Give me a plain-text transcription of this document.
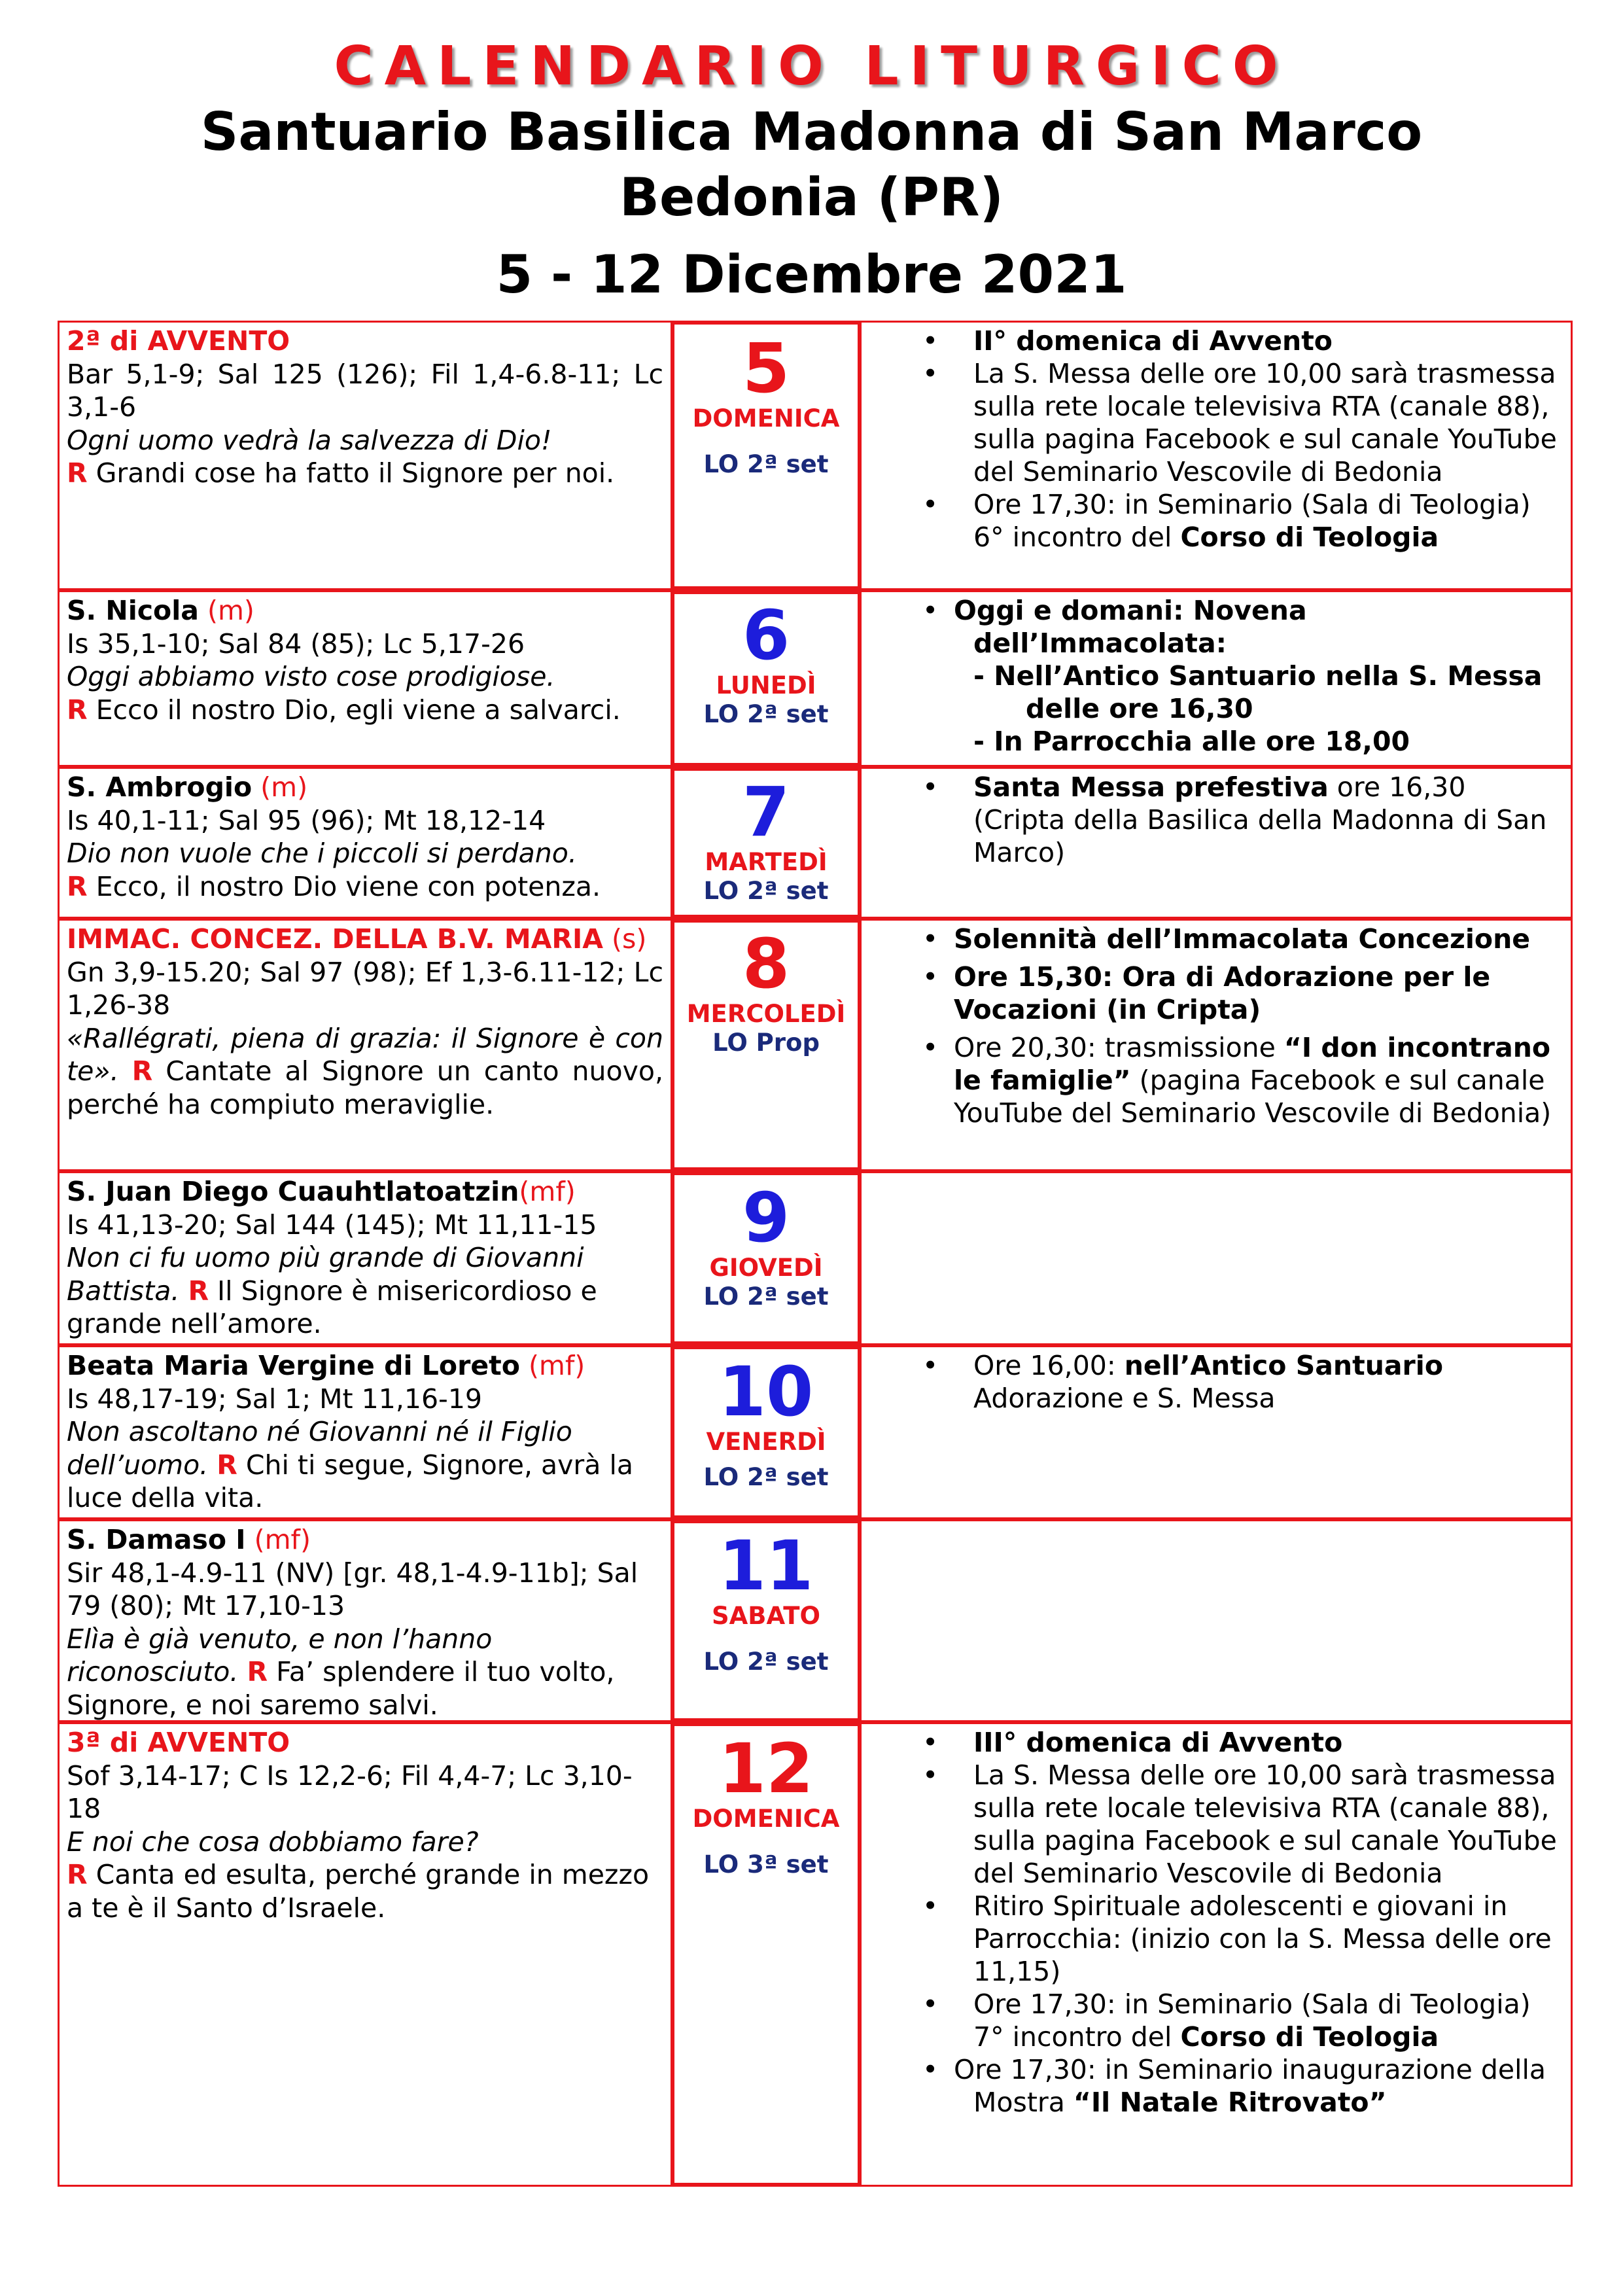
CALENDARIO LITURGICO
Santuario Basilica Madonna di San Marco
Bedonia (PR)
5 - 12 Dicembre 2021

2ª di AVVENTO

Bar 5,1-9; Sal 125 (126); Fil 1,4-6.8-11; Lc 3,1-6

Ogni uomo vedrà la salvezza di Dio!

R Grandi cose ha fatto il Signore per noi.

5
DOMENICA
LO 2ª set
• II° domenica di Avvento
• La S. Messa delle ore 10,00 sarà trasmessa sulla rete locale televisiva RTA (canale 88), sulla pagina Facebook e sul canale YouTube del Seminario Vescovile di Bedonia
• Ore 17,30: in Seminario (Sala di Teologia) 6° incontro del Corso di Teologia

S. Nicola (m)

Is 35,1-10; Sal 84 (85); Lc 5,17-26

Oggi abbiamo visto cose prodigiose.

R Ecco il nostro Dio, egli viene a salvarci.

6
LUNEDÌ
LO 2ª set
• Oggi e domani: Novena
dell’Immacolata:
- Nell’Antico Santuario nella S. Messa
delle ore 16,30
- In Parrocchia alle ore 18,00

S. Ambrogio (m)

Is 40,1-11; Sal 95 (96); Mt 18,12-14

Dio non vuole che i piccoli si perdano.

R Ecco, il nostro Dio viene con potenza.

7
MARTEDÌ
LO 2ª set
• Santa Messa prefestiva ore 16,30 (Cripta della Basilica della Madonna di San Marco)

IMMAC. CONCEZ. DELLA B.V. MARIA (s)

Gn 3,9-15.20; Sal 97 (98); Ef 1,3-6.11-12; Lc 1,26-38

«Rallégrati, piena di grazia: il Signore è con te». R Cantate al Signore un canto nuovo, perché ha compiuto meraviglie.

8
MERCOLEDÌ
LO Prop
• Solennità dell’Immacolata Concezione
• Ore 15,30: Ora di Adorazione per le Vocazioni (in Cripta)
• Ore 20,30: trasmissione “I don incontrano le famiglie” (pagina Facebook e sul canale YouTube del Seminario Vescovile di Bedonia)

S. Juan Diego Cuauhtlatoatzin(mf)

Is 41,13-20; Sal 144 (145); Mt 11,11-15

Non ci fu uomo più grande di Giovanni Battista. R Il Signore è misericordioso e grande nell’amore.

9
GIOVEDÌ
LO 2ª set

Beata Maria Vergine di Loreto (mf)

Is 48,17-19; Sal 1; Mt 11,16-19

Non ascoltano né Giovanni né il Figlio dell’uomo. R Chi ti segue, Signore, avrà la luce della vita.

10
VENERDÌ
LO 2ª set
• Ore 16,00: nell’Antico Santuario
Adorazione e S. Messa

S. Damaso I (mf)

Sir 48,1-4.9-11 (NV) [gr. 48,1-4.9-11b]; Sal 79 (80); Mt 17,10-13

Elìa è già venuto, e non l’hanno riconosciuto. R Fa’ splendere il tuo volto, Signore, e noi saremo salvi.

11
SABATO
LO 2ª set

3ª di AVVENTO

Sof 3,14-17; C Is 12,2-6; Fil 4,4-7; Lc 3,10-18

E noi che cosa dobbiamo fare?

R Canta ed esulta, perché grande in mezzo a te è il Santo d’Israele.

12
DOMENICA
LO 3ª set
• III° domenica di Avvento
• La S. Messa delle ore 10,00 sarà trasmessa sulla rete locale televisiva RTA (canale 88), sulla pagina Facebook e sul canale YouTube del Seminario Vescovile di Bedonia
• Ritiro Spirituale adolescenti e giovani in Parrocchia: (inizio con la S. Messa delle ore 11,15)
• Ore 17,30: in Seminario (Sala di Teologia) 7° incontro del Corso di Teologia
• Ore 17,30: in Seminario inaugurazione della
Mostra “Il Natale Ritrovato”
